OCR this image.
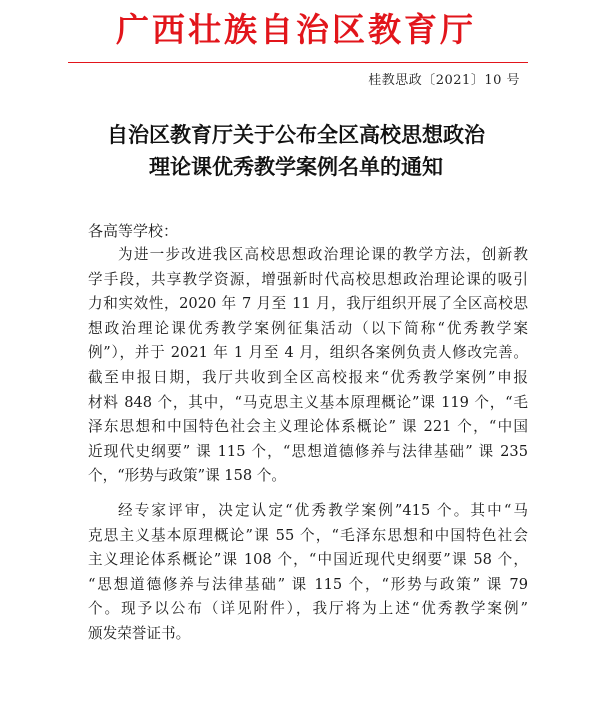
广西壮族自治区教育厅
桂教思政〔2021〕10 号
自治区教育厅关于公布全区高校思想政治
理论课优秀教学案例名单的通知
各高等学校：
为进一步改进我区高校思想政治理论课的教学方法，创新教
学手段，共享教学资源，增强新时代高校思想政治理论课的吸引
力和实效性，2020 年 7 月至 11 月，我厅组织开展了全区高校思
想政治理论课优秀教学案例征集活动（以下简称“优秀教学案
例”），并于 2021 年 1 月至 4 月，组织各案例负责人修改完善。
截至申报日期，我厅共收到全区高校报来“优秀教学案例”申报
材料 848 个，其中，“马克思主义基本原理概论”课 119 个，“毛
泽东思想和中国特色社会主义理论体系概论” 课 221 个，“中国
近现代史纲要” 课 115 个，“思想道德修养与法律基础” 课 235
个，“形势与政策”课 158 个。
经专家评审，决定认定“优秀教学案例”415 个。其中“马
克思主义基本原理概论”课 55 个，“毛泽东思想和中国特色社会
主义理论体系概论”课 108 个，“中国近现代史纲要”课 58 个，
“思想道德修养与法律基础” 课 115 个，“形势与政策” 课 79
个。现予以公布（详见附件），我厅将为上述“优秀教学案例”
颁发荣誉证书。
